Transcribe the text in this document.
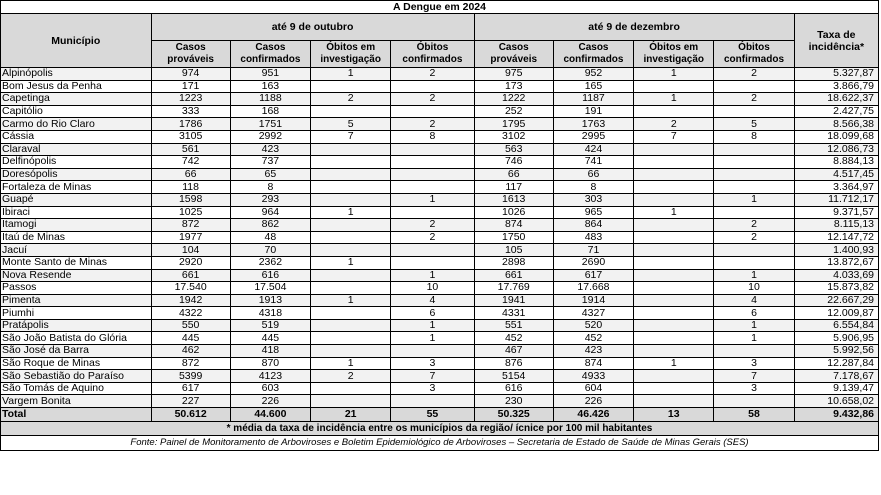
A Dengue em 2024
Município	até 9 de outubro				até 9 de dezembro				Taxa de incidência*
	Casos prováveis	Casos confirmados	Óbitos em investigação	Óbitos confirmados	Casos prováveis	Casos confirmados	Óbitos em investigação	Óbitos confirmados	
Alpinópolis	974	951	1	2	975	952	1	2	5.327,87
Bom Jesus da Penha	171	163			173	165			3.866,79
Capetinga	1223	1188	2	2	1222	1187	1	2	18.622,37
Capitólio	333	168			252	191			2.427,75
Carmo do Rio Claro	1786	1751	5	2	1795	1763	2	5	8.566,38
Cássia	3105	2992	7	8	3102	2995	7	8	18.099,68
Claraval	561	423			563	424			12.086,73
Delfinópolis	742	737			746	741			8.884,13
Doresópolis	66	65			66	66			4.517,45
Fortaleza de Minas	118	8			117	8			3.364,97
Guapé	1598	293		1	1613	303		1	11.712,17
Ibiraci	1025	964	1		1026	965	1		9.371,57
Itamogi	872	862		2	874	864		2	8.115,13
Itaú de Minas	1977	48		2	1750	483		2	12.147,72
Jacuí	104	70			105	71			1.400,93
Monte Santo de Minas	2920	2362	1		2898	2690			13.872,67
Nova Resende	661	616		1	661	617		1	4.033,69
Passos	17.540	17.504		10	17.769	17.668		10	15.873,82
Pimenta	1942	1913	1	4	1941	1914		4	22.667,29
Piumhi	4322	4318		6	4331	4327		6	12.009,87
Pratápolis	550	519		1	551	520		1	6.554,84
São João Batista do Glória	445	445		1	452	452		1	5.906,95
São José da Barra	462	418			467	423			5.992,56
São Roque de Minas	872	870	1	3	876	874	1	3	12.287,84
São Sebastião do Paraíso	5399	4123	2	7	5154	4933		7	7.178,67
São Tomás de Aquino	617	603		3	616	604		3	9.139,47
Vargem Bonita	227	226			230	226			10.658,02
Total	50.612	44.600	21	55	50.325	46.426	13	58	9.432,86
* média da taxa de incidência entre os municípios da região/ ícnice por 100 mil habitantes
Fonte: Painel de Monitoramento de Arboviroses e Boletim Epidemiológico de Arboviroses – Secretaria de Estado de Saúde de Minas Gerais (SES)
